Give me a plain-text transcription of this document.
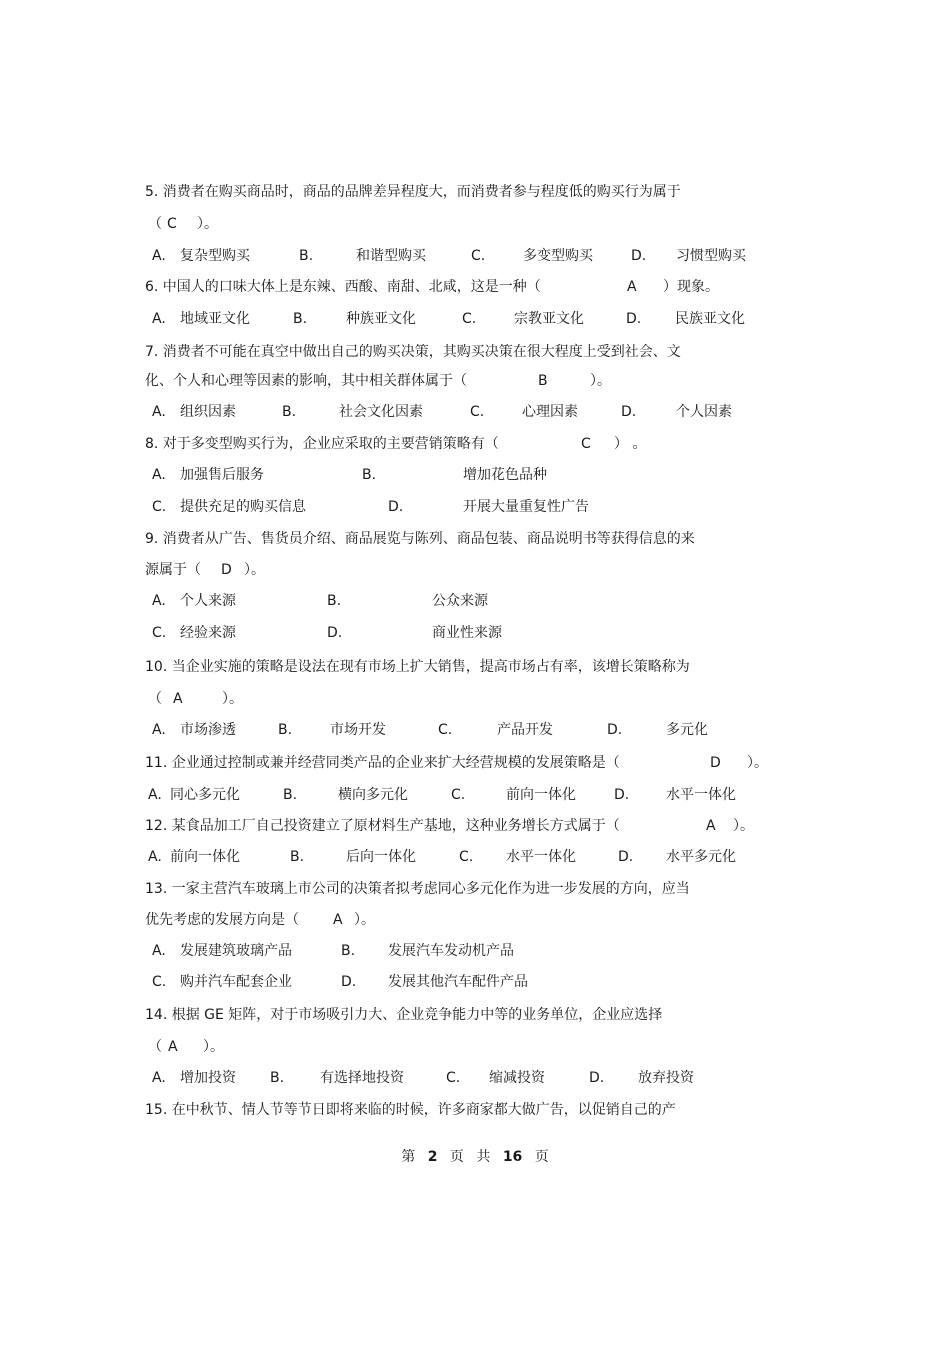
5. 消费者在购买商品时，商品的品牌差异程度大，而消费者参与程度低的购买行为属于
（ C ）。
A. 复杂型购买	B.	和谐型购买	C.	多变型购买	D. 习惯型购买
6. 中国人的口味大体上是东辣、西酸、南甜、北咸，这是一种（	A ）现象。
A. 地域亚文化	B.	种族亚文化	C.	宗教亚文化	D. 民族亚文化
7. 消费者不可能在真空中做出自己的购买决策，其购买决策在很大程度上受到社会、文
化、个人和心理等因素的影响，其中相关群体属于（	B	）。
A. 组织因素	B.	社会文化因素	C.	心理因素	D.	个人因素
8. 对于多变型购买行为，企业应采取的主要营销策略有（	C ） 。
A. 加强售后服务	B.	增加花色品种
C. 提供充足的购买信息	D.	开展大量重复性广告
9. 消费者从广告、售货员介绍、商品展览与陈列、商品包装、商品说明书等获得信息的来
源属于（ D ）。
A. 个人来源	B.	公众来源
C. 经验来源	D.	商业性来源
10. 当企业实施的策略是设法在现有市场上扩大销售，提高市场占有率，该增长策略称为
（ A	）。
A. 市场渗透	B.	市场开发	C.	产品开发	D.	多元化
11. 企业通过控制或兼并经营同类产品的企业来扩大经营规模的发展策略是（	D ）。
A. 同心多元化	B.	横向多元化	C.	前向一体化	D.	水平一体化
12. 某食品加工厂自己投资建立了原材料生产基地，这种业务增长方式属于（	A ）。
A. 前向一体化	B.	后向一体化	C. 水平一体化	D. 水平多元化
13. 一家主营汽车玻璃上市公司的决策者拟考虑同心多元化作为进一步发展的方向，应当
优先考虑的发展方向是（ A ）。
A. 发展建筑玻璃产品	B. 发展汽车发动机产品
C. 购并汽车配套企业	D. 发展其他汽车配件产品
14. 根据 GE 矩阵，对于市场吸引力大、企业竞争能力中等的业务单位，企业应选择
（ A ）。
A. 增加投资 B.	有选择地投资	C. 缩减投资	D. 放弃投资
15. 在中秋节、情人节等节日即将来临的时候，许多商家都大做广告，以促销自己的产
第 2 页 共 16 页
